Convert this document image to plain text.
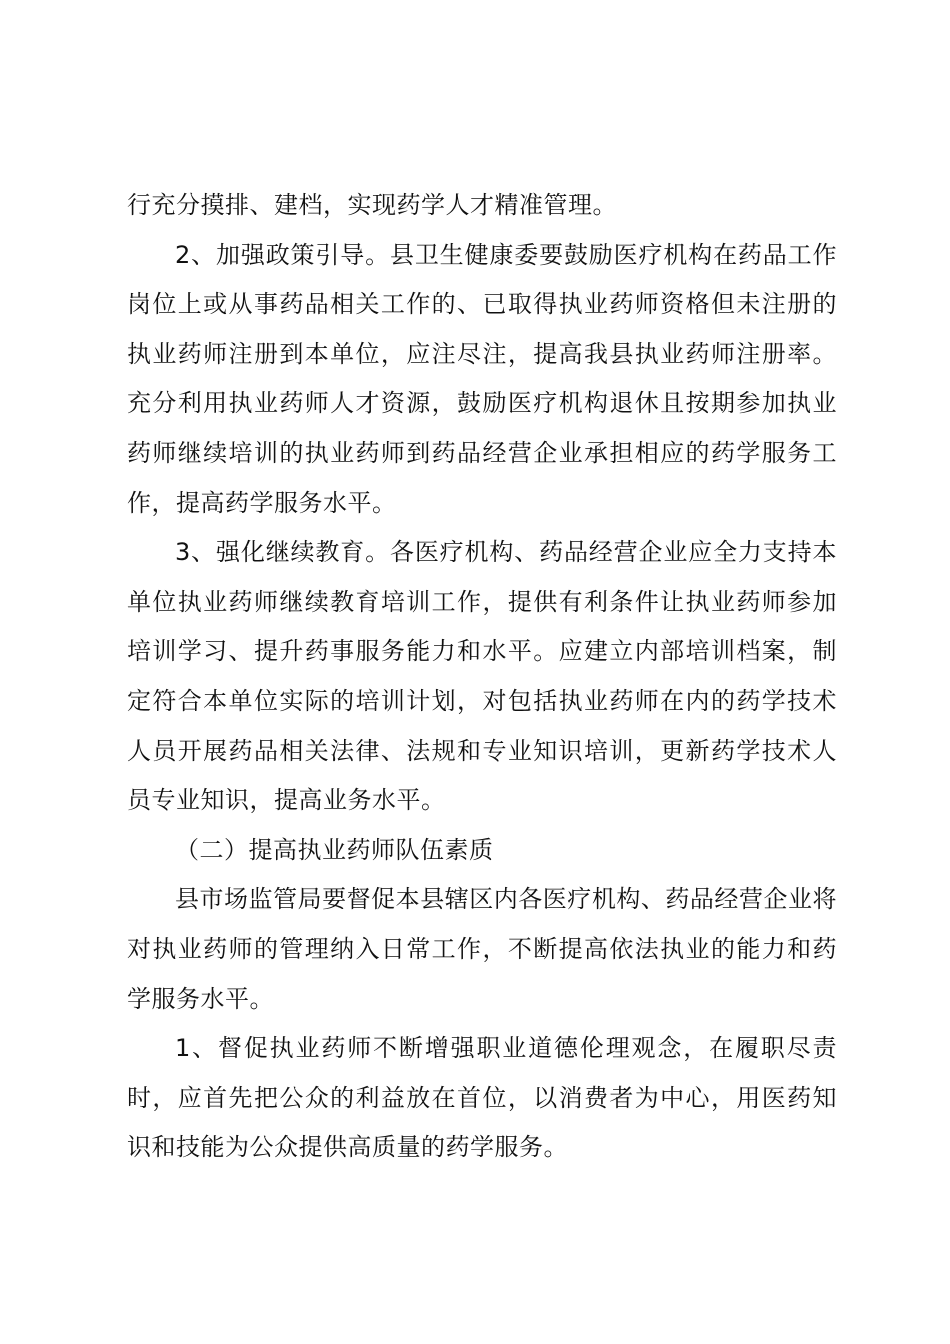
行充分摸排、建档，实现药学人才精准管理。

2、加强政策引导。县卫生健康委要鼓励医疗机构在药品工作岗位上或从事药品相关工作的、已取得执业药师资格但未注册的执业药师注册到本单位，应注尽注，提高我县执业药师注册率。充分利用执业药师人才资源，鼓励医疗机构退休且按期参加执业药师继续培训的执业药师到药品经营企业承担相应的药学服务工作，提高药学服务水平。

3、强化继续教育。各医疗机构、药品经营企业应全力支持本单位执业药师继续教育培训工作，提供有利条件让执业药师参加培训学习、提升药事服务能力和水平。应建立内部培训档案，制定符合本单位实际的培训计划，对包括执业药师在内的药学技术人员开展药品相关法律、法规和专业知识培训，更新药学技术人员专业知识，提高业务水平。

（二）提高执业药师队伍素质

县市场监管局要督促本县辖区内各医疗机构、药品经营企业将对执业药师的管理纳入日常工作，不断提高依法执业的能力和药学服务水平。

1、督促执业药师不断增强职业道德伦理观念，在履职尽责时，应首先把公众的利益放在首位，以消费者为中心，用医药知识和技能为公众提供高质量的药学服务。
